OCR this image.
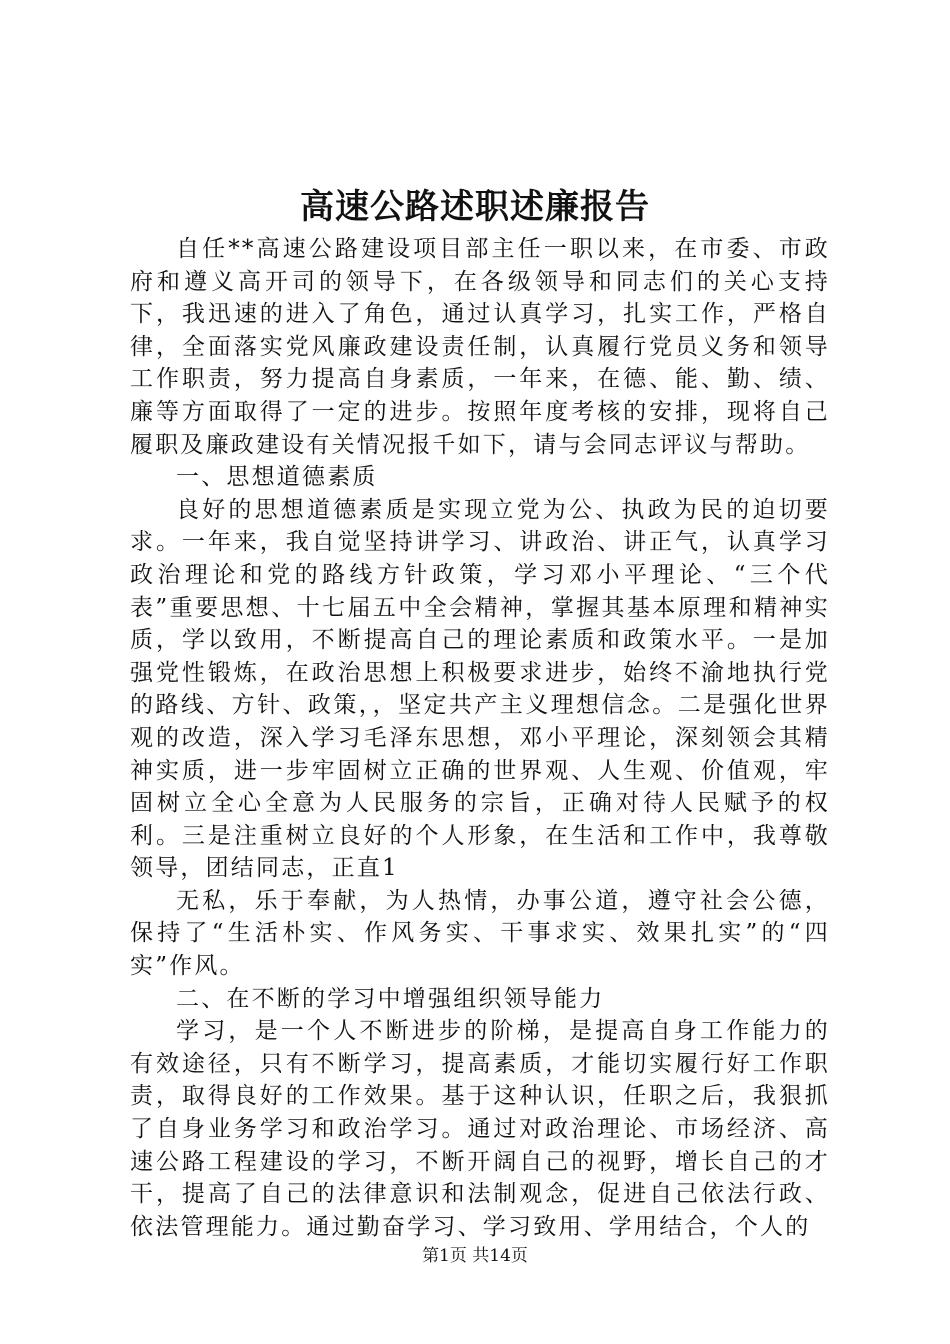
高速公路述职述廉报告

自任**高速公路建设项目部主任一职以来，在市委、市政府和遵义高开司的领导下，在各级领导和同志们的关心支持下，我迅速的进入了角色，通过认真学习，扎实工作，严格自律，全面落实党风廉政建设责任制，认真履行党员义务和领导工作职责，努力提高自身素质，一年来，在德、能、勤、绩、廉等方面取得了一定的进步。按照年度考核的安排，现将自己履职及廉政建设有关情况报千如下，请与会同志评议与帮助。

一、思想道德素质

良好的思想道德素质是实现立党为公、执政为民的迫切要求。一年来，我自觉坚持讲学习、讲政治、讲正气，认真学习政治理论和党的路线方针政策，学习邓小平理论、“三个代表”重要思想、十七届五中全会精神，掌握其基本原理和精神实质，学以致用，不断提高自己的理论素质和政策水平。一是加强党性锻炼，在政治思想上积极要求进步，始终不渝地执行党的路线、方针、政策，，坚定共产主义理想信念。二是强化世界观的改造，深入学习毛泽东思想，邓小平理论，深刻领会其精神实质，进一步牢固树立正确的世界观、人生观、价值观，牢固树立全心全意为人民服务的宗旨，正确对待人民赋予的权利。三是注重树立良好的个人形象，在生活和工作中，我尊敬领导，团结同志，正直1

无私，乐于奉献，为人热情，办事公道，遵守社会公德，保持了“生活朴实、作风务实、干事求实、效果扎实”的“四实”作风。

二、在不断的学习中增强组织领导能力

学习，是一个人不断进步的阶梯，是提高自身工作能力的有效途径，只有不断学习，提高素质，才能切实履行好工作职责，取得良好的工作效果。基于这种认识，任职之后，我狠抓了自身业务学习和政治学习。通过对政治理论、市场经济、高速公路工程建设的学习，不断开阔自己的视野，增长自己的才干，提高了自己的法律意识和法制观念，促进自己依法行政、依法管理能力。通过勤奋学习、学习致用、学用结合，个人的

第1页 共14页
